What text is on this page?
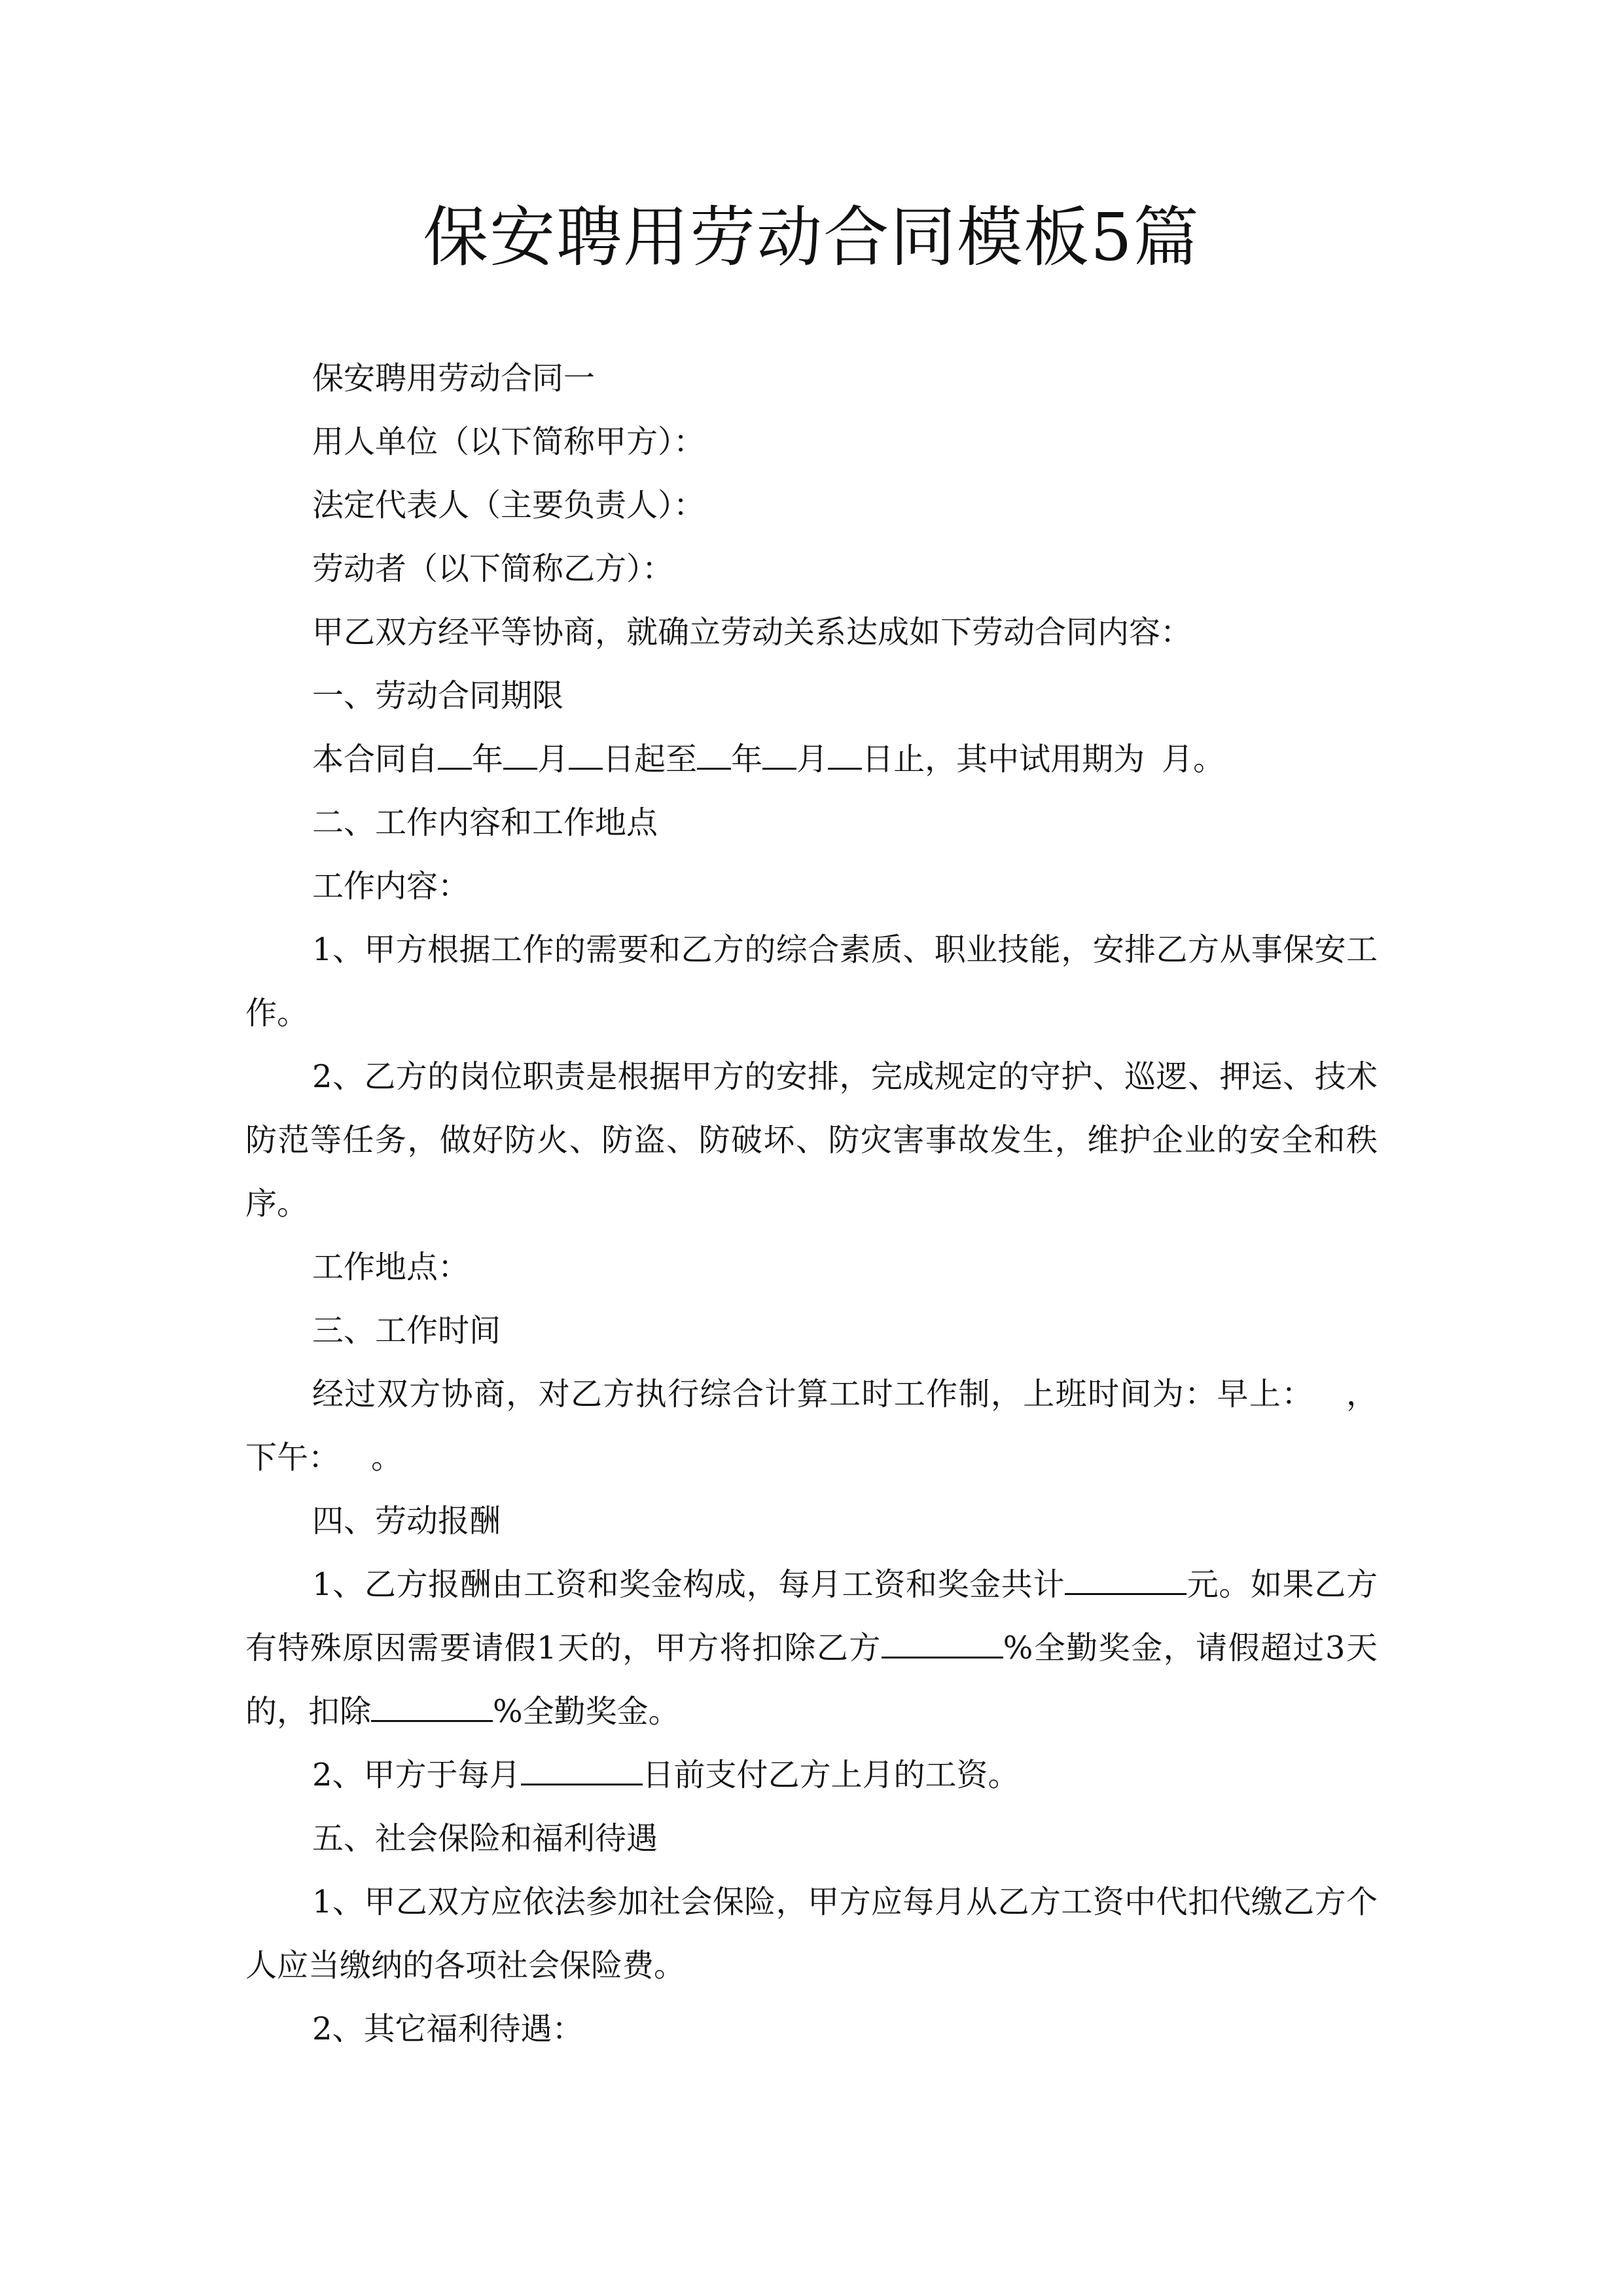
保安聘用劳动合同模板5篇

保安聘用劳动合同一

用人单位（以下简称甲方）：

法定代表人（主要负责人）：

劳动者（以下简称乙方）：

甲乙双方经平等协商，就确立劳动关系达成如下劳动合同内容：

一、劳动合同期限

本合同自 年 月 日起至 年 月 日止，其中试用期为 月。

二、工作内容和工作地点

工作内容：

1、甲方根据工作的需要和乙方的综合素质、职业技能，安排乙方从事保安工作。

2、乙方的岗位职责是根据甲方的安排，完成规定的守护、巡逻、押运、技术防范等任务，做好防火、防盗、防破坏、防灾害事故发生，维护企业的安全和秩序。

工作地点：

三、工作时间

经过双方协商，对乙方执行综合计算工时工作制，上班时间为：早上： ，下午： 。

四、劳动报酬

1、乙方报酬由工资和奖金构成，每月工资和奖金共计	元。如果乙方有特殊原因需要请假1天的，甲方将扣除乙方	%全勤奖金，请假超过3天的，扣除	%全勤奖金。

2、甲方于每月	日前支付乙方上月的工资。

五、社会保险和福利待遇

1、甲乙双方应依法参加社会保险，甲方应每月从乙方工资中代扣代缴乙方个人应当缴纳的各项社会保险费。

2、其它福利待遇：
